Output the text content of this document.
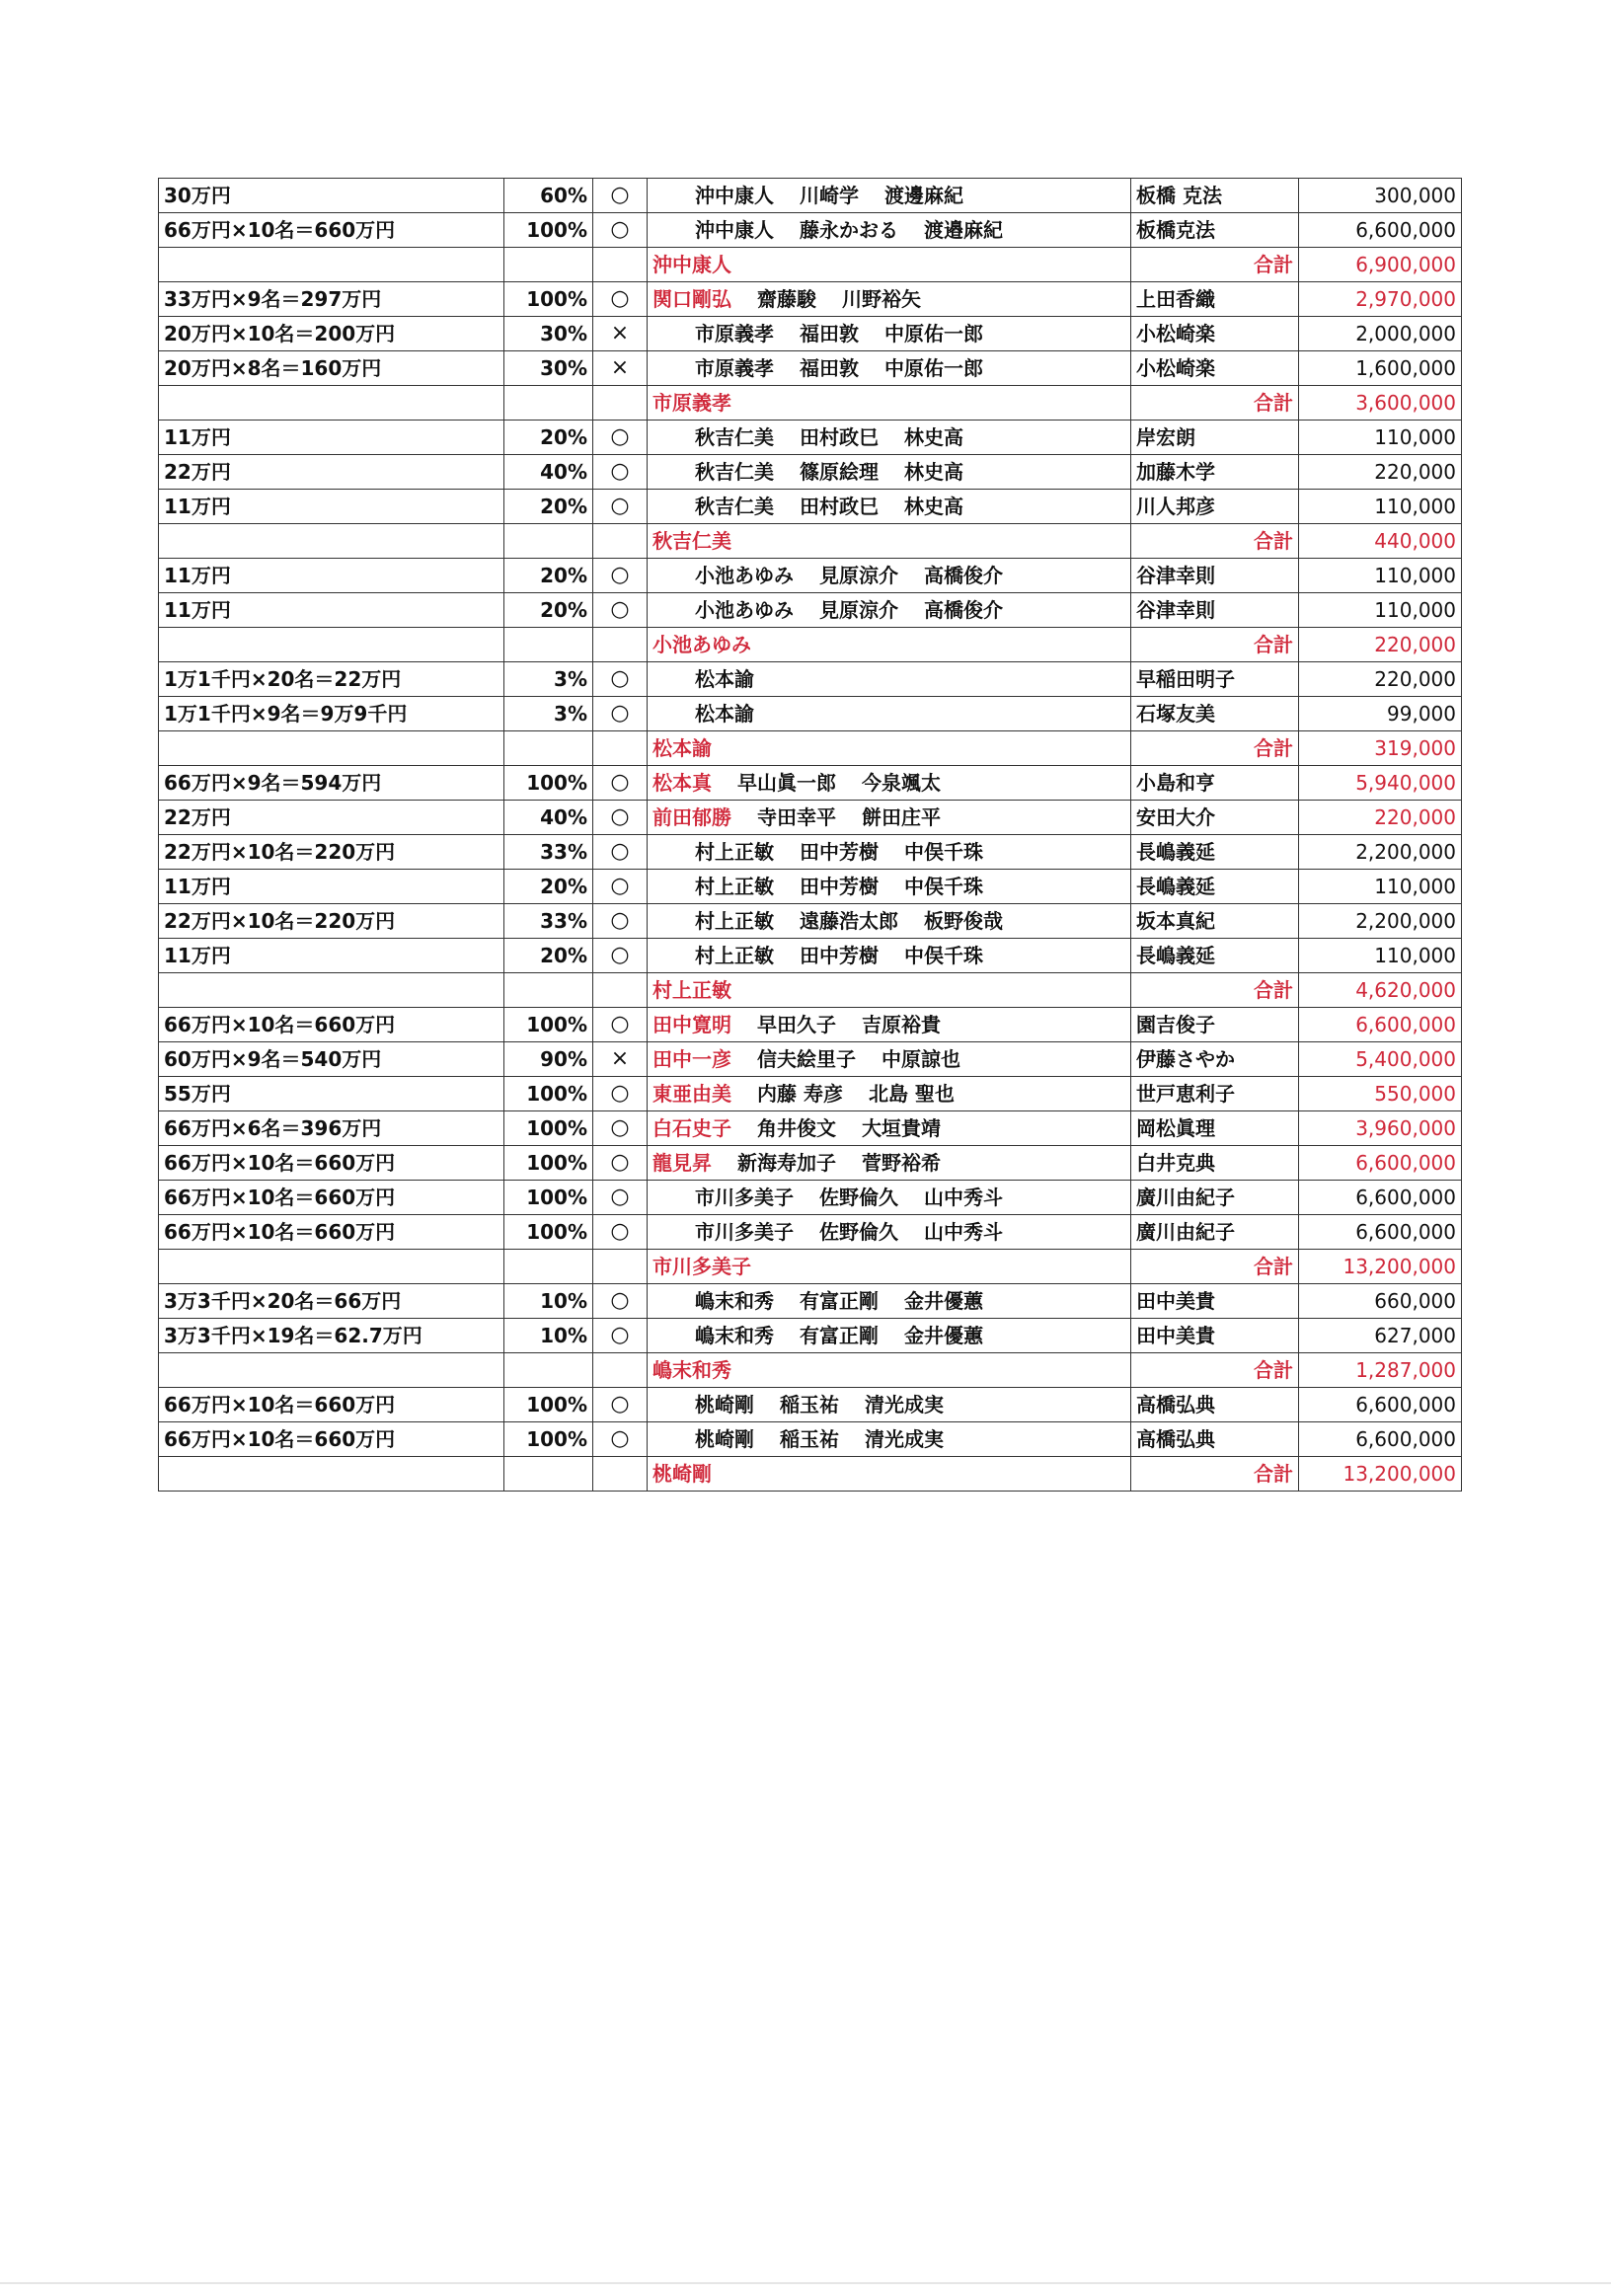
30万円	60%	○	沖中康人 川崎学 渡邊麻紀	板橋 克法	300,000
66万円×10名＝660万円	100%	○	沖中康人 藤永かおる 渡邉麻紀	板橋克法	6,600,000
			沖中康人	合計	6,900,000
33万円×9名＝297万円	100%	○	関口剛弘 齋藤駿 川野裕矢	上田香織	2,970,000
20万円×10名＝200万円	30%	×	市原義孝 福田敦 中原佑一郎	小松崎楽	2,000,000
20万円×8名＝160万円	30%	×	市原義孝 福田敦 中原佑一郎	小松崎楽	1,600,000
			市原義孝	合計	3,600,000
11万円	20%	○	秋吉仁美 田村政巳 林史高	岸宏朗	110,000
22万円	40%	○	秋吉仁美 篠原絵理 林史高	加藤木学	220,000
11万円	20%	○	秋吉仁美 田村政巳 林史高	川人邦彦	110,000
			秋吉仁美	合計	440,000
11万円	20%	○	小池あゆみ 見原涼介 高橋俊介	谷津幸則	110,000
11万円	20%	○	小池あゆみ 見原涼介 高橋俊介	谷津幸則	110,000
			小池あゆみ	合計	220,000
1万1千円×20名＝22万円	3%	○	松本諭	早稲田明子	220,000
1万1千円×9名＝9万9千円	3%	○	松本諭	石塚友美	99,000
			松本諭	合計	319,000
66万円×9名＝594万円	100%	○	松本真 早山眞一郎 今泉颯太	小島和亨	5,940,000
22万円	40%	○	前田郁勝 寺田幸平 餅田庄平	安田大介	220,000
22万円×10名＝220万円	33%	○	村上正敏 田中芳樹 中俣千珠	長嶋義延	2,200,000
11万円	20%	○	村上正敏 田中芳樹 中俣千珠	長嶋義延	110,000
22万円×10名＝220万円	33%	○	村上正敏 遠藤浩太郎 板野俊哉	坂本真紀	2,200,000
11万円	20%	○	村上正敏 田中芳樹 中俣千珠	長嶋義延	110,000
			村上正敏	合計	4,620,000
66万円×10名＝660万円	100%	○	田中寛明 早田久子 吉原裕貴	園吉俊子	6,600,000
60万円×9名＝540万円	90%	×	田中一彦 信夫絵里子 中原諒也	伊藤さやか	5,400,000
55万円	100%	○	東亜由美 内藤 寿彦 北島 聖也	世戸恵利子	550,000
66万円×6名＝396万円	100%	○	白石史子 角井俊文 大垣貴靖	岡松眞理	3,960,000
66万円×10名＝660万円	100%	○	龍見昇 新海寿加子 菅野裕希	白井克典	6,600,000
66万円×10名＝660万円	100%	○	市川多美子 佐野倫久 山中秀斗	廣川由紀子	6,600,000
66万円×10名＝660万円	100%	○	市川多美子 佐野倫久 山中秀斗	廣川由紀子	6,600,000
			市川多美子	合計	13,200,000
3万3千円×20名＝66万円	10%	○	嶋末和秀 有富正剛 金井優蕙	田中美貴	660,000
3万3千円×19名＝62.7万円	10%	○	嶋末和秀 有富正剛 金井優蕙	田中美貴	627,000
			嶋末和秀	合計	1,287,000
66万円×10名＝660万円	100%	○	桃崎剛 稲玉祐 清光成実	高橋弘典	6,600,000
66万円×10名＝660万円	100%	○	桃崎剛 稲玉祐 清光成実	高橋弘典	6,600,000
			桃崎剛	合計	13,200,000
